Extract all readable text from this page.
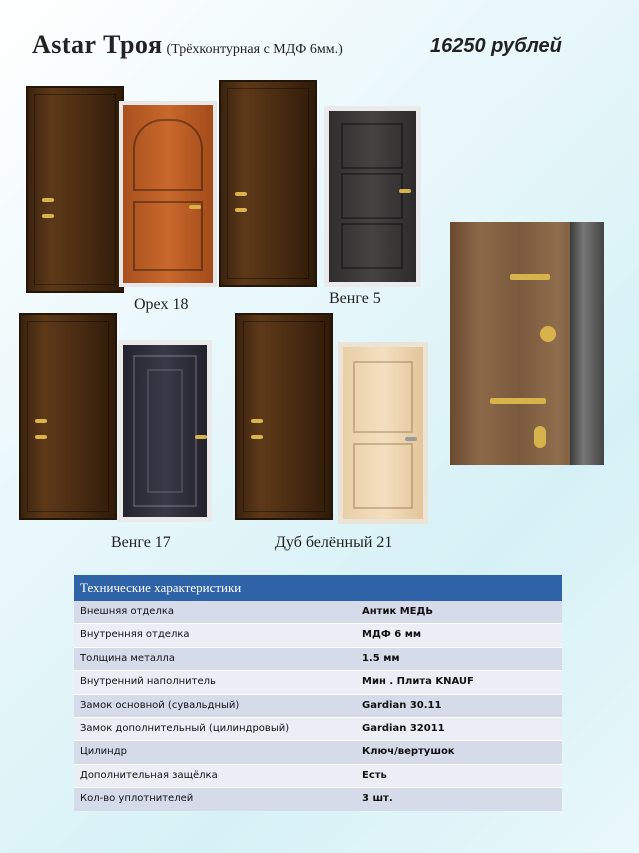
Astar Троя (Трёхконтурная с МДФ 6мм.)	16250 рублей
Орех 18	Венге 5
Венге 17	Дуб белённый 21
Технические характеристики
Внешняя отделка	Антик МЕДЬ
Внутренняя отделка	МДФ 6 мм
Толщина металла	1.5 мм
Внутренний наполнитель	Мин . Плита KNAUF
Замок основной (сувальдный)	Gardian 30.11
Замок дополнительный (цилиндровый)	Gardian 32011
Цилиндр	Ключ/вертушок
Дополнительная защёлка	Есть
Кол-во уплотнителей	3 шт.
